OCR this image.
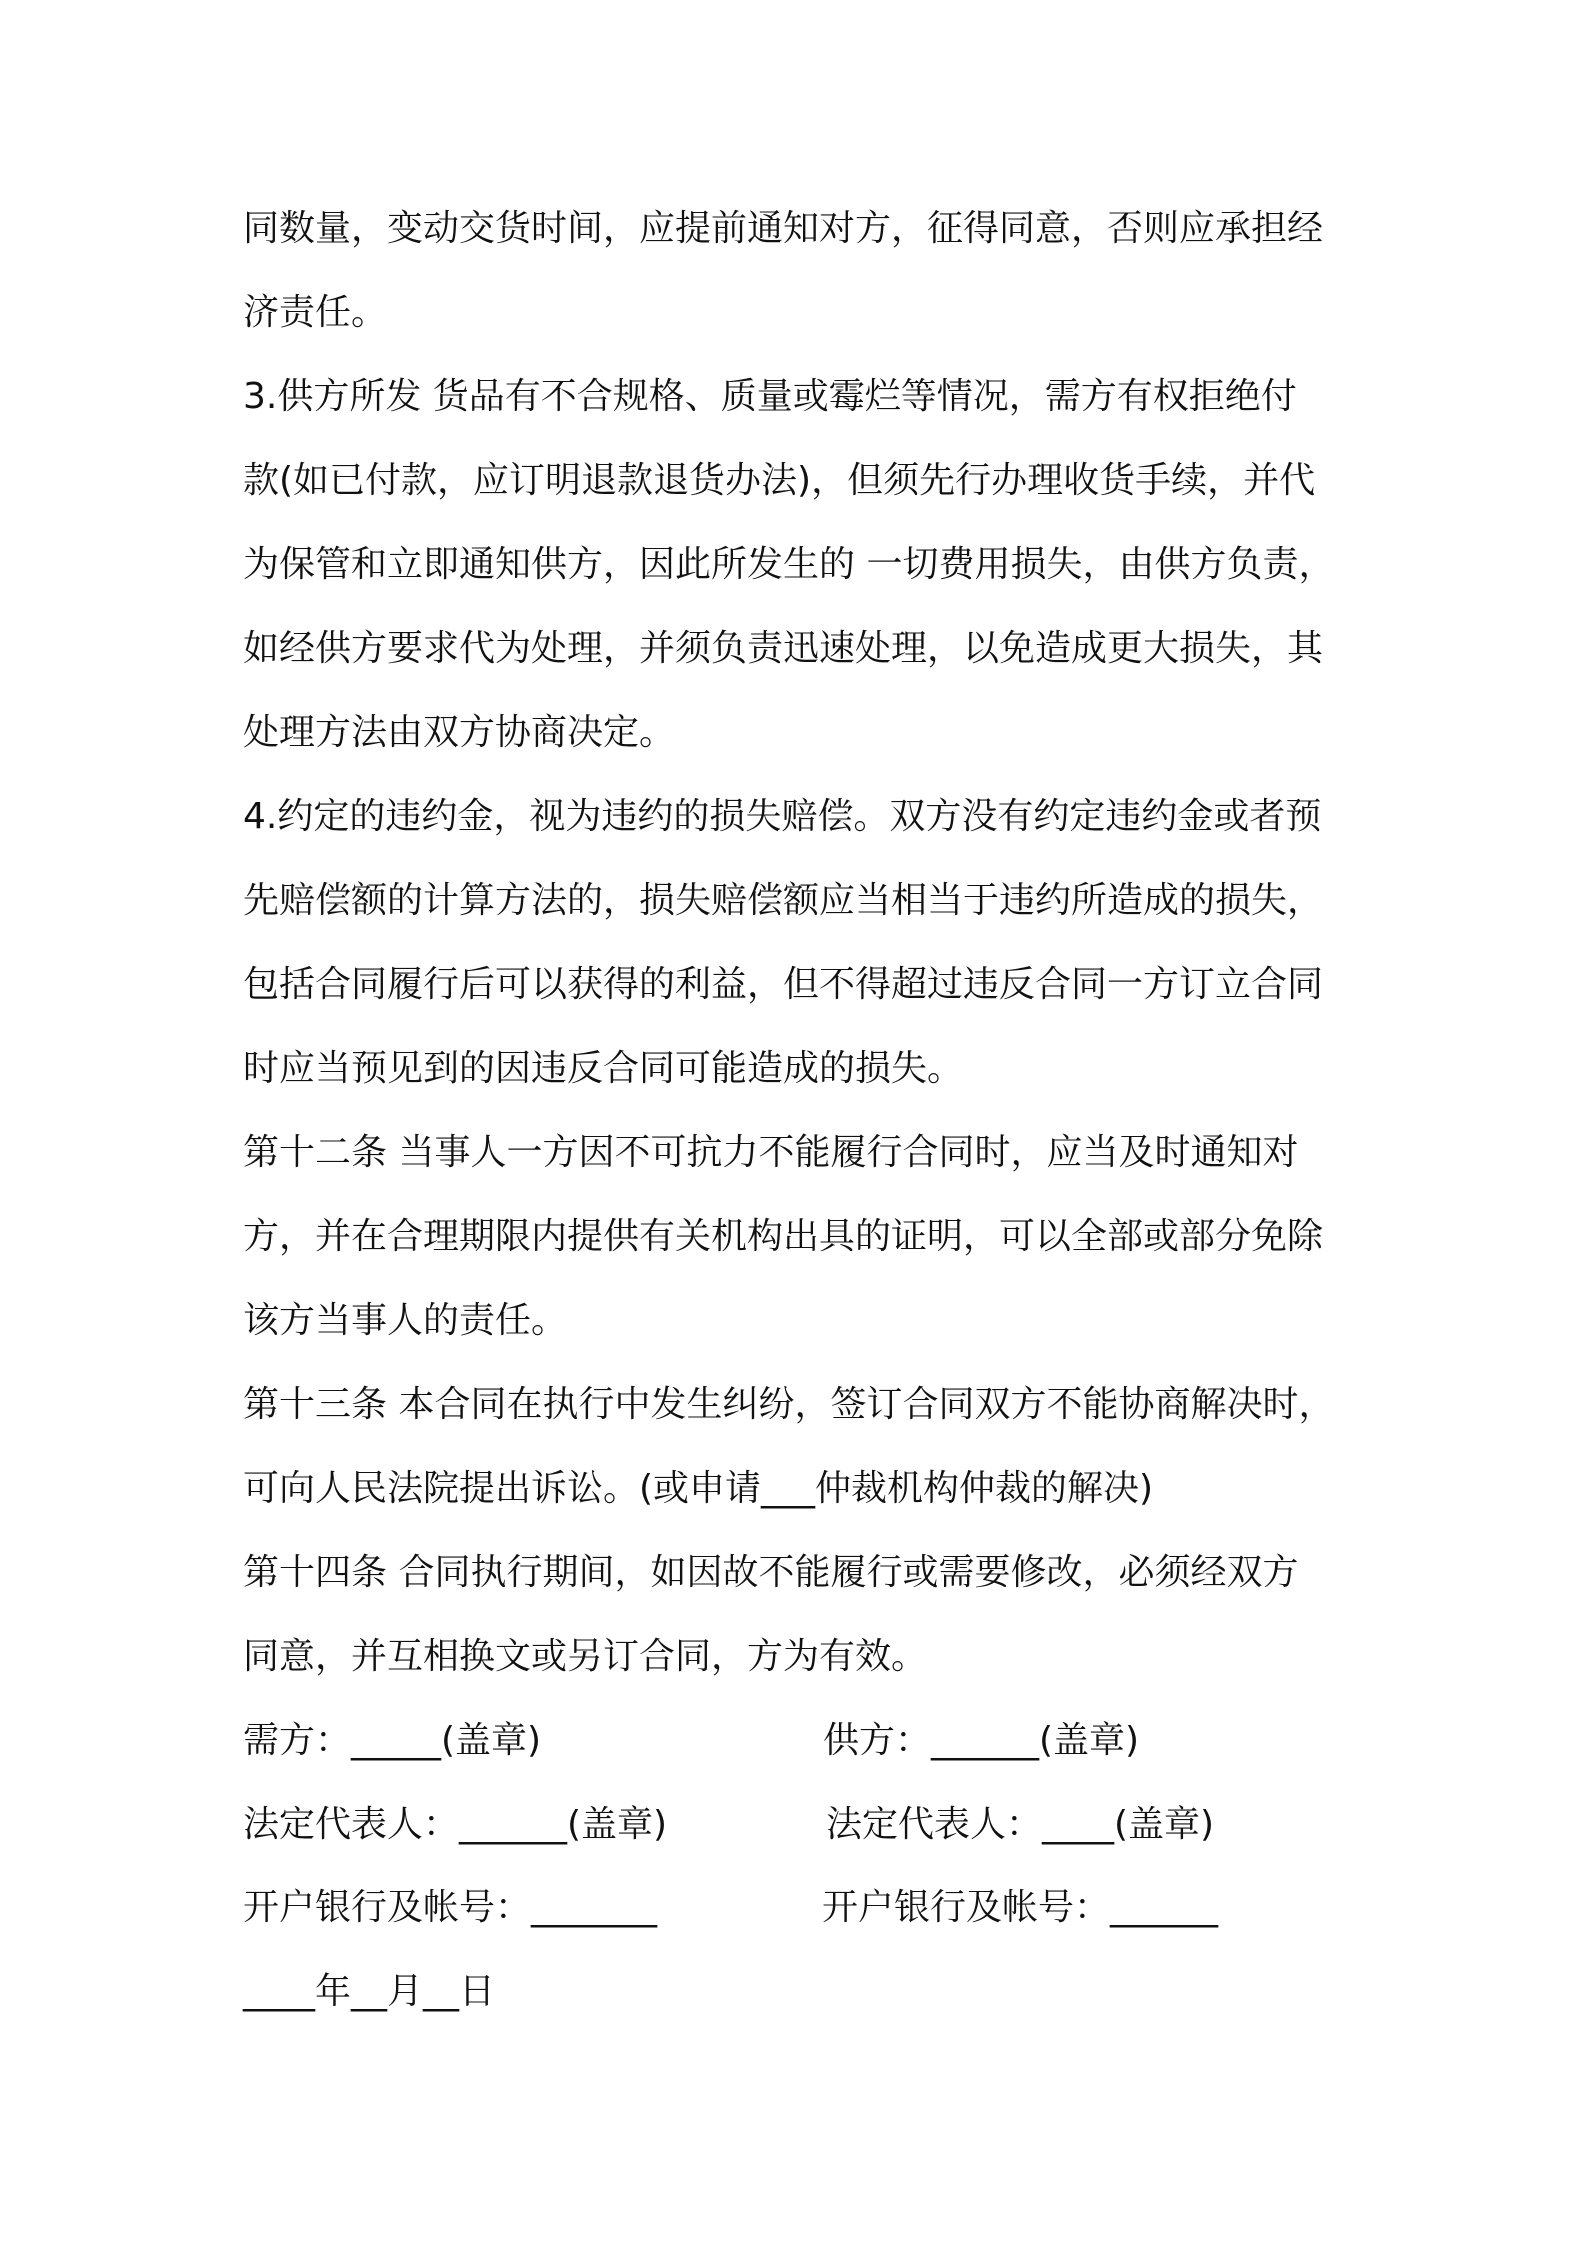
同数量，变动交货时间，应提前通知对方，征得同意，否则应承担经
济责任。
3.供方所发 货品有不合规格、质量或霉烂等情况，需方有权拒绝付
款(如已付款，应订明退款退货办法)，但须先行办理收货手续，并代
为保管和立即通知供方，因此所发生的 一切费用损失，由供方负责，
如经供方要求代为处理，并须负责迅速处理，以免造成更大损失，其
处理方法由双方协商决定。
4.约定的违约金，视为违约的损失赔偿。双方没有约定违约金或者预
先赔偿额的计算方法的，损失赔偿额应当相当于违约所造成的损失，
包括合同履行后可以获得的利益，但不得超过违反合同一方订立合同
时应当预见到的因违反合同可能造成的损失。
第十二条 当事人一方因不可抗力不能履行合同时，应当及时通知对
方，并在合理期限内提供有关机构出具的证明，可以全部或部分免除
该方当事人的责任。
第十三条 本合同在执行中发生纠纷，签订合同双方不能协商解决时，
可向人民法院提出诉讼。(或申请___仲裁机构仲裁的解决)
第十四条 合同执行期间，如因故不能履行或需要修改，必须经双方
同意，并互相换文或另订合同，方为有效。
需方：_____(盖章)	供方：______(盖章)
法定代表人：______(盖章)	法定代表人：____(盖章)
开户银行及帐号：_______	开户银行及帐号：______
____年__月__日
